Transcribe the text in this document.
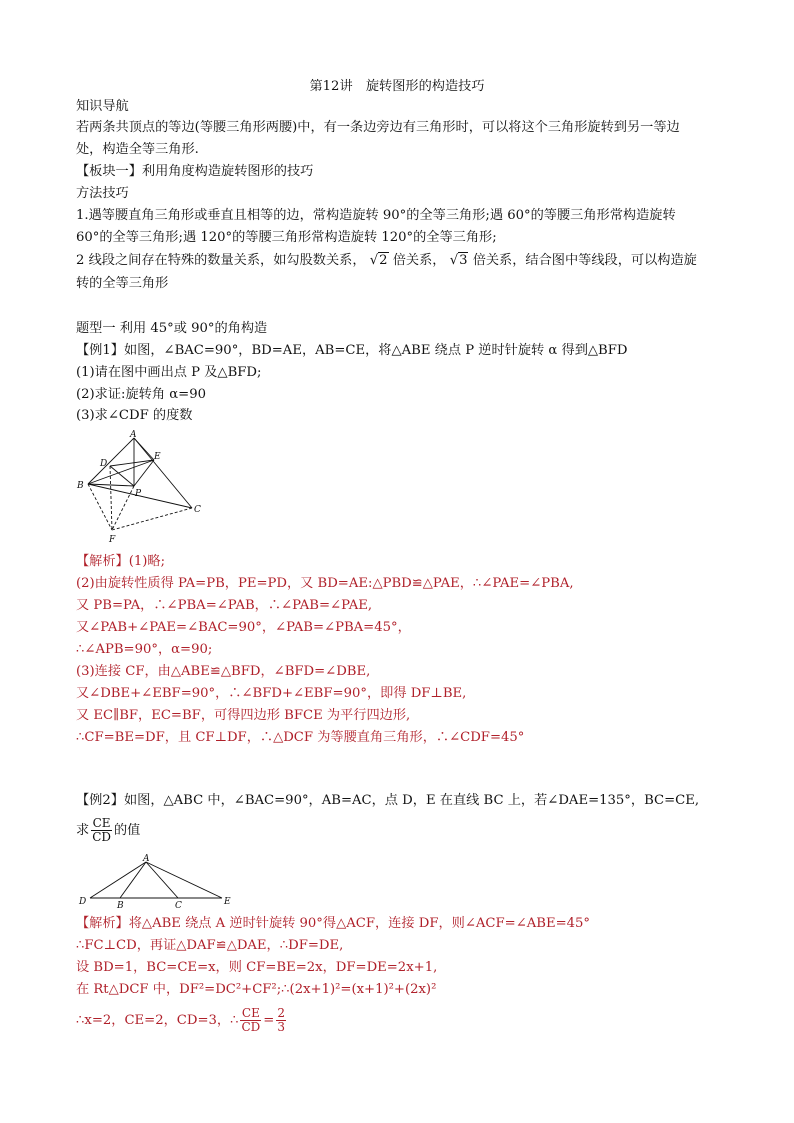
第12讲　旋转图形的构造技巧
知识导航
若两条共顶点的等边(等腰三角形两腰)中，有一条边旁边有三角形时，可以将这个三角形旋转到另一等边
处，构造全等三角形.
【板块一】利用角度构造旋转图形的技巧
方法技巧
1.遇等腰直角三角形或垂直且相等的边，常构造旋转 90°的全等三角形;遇 60°的等腰三角形常构造旋转
60°的全等三角形;遇 120°的等腰三角形常构造旋转 120°的全等三角形;
2 线段之间存在特殊的数量关系，如勾股数关系， √2 倍关系， √3 倍关系，结合图中等线段，可以构造旋
转的全等三角形
题型一 利用 45°或 90°的角构造
【例1】如图，∠BAC=90°，BD=AE，AB=CE，将△ABE 绕点 P 逆时针旋转 α 得到△BFD
(1)请在图中画出点 P 及△BFD;
(2)求证:旋转角 α=90
(3)求∠CDF 的度数
A
B
C
D
E
P
F
【解析】(1)略;
(2)由旋转性质得 PA=PB，PE=PD，又 BD=AE:△PBD≌△PAE，∴∠PAE=∠PBA,
又 PB=PA，∴∠PBA=∠PAB，∴∠PAB=∠PAE,
又∠PAB+∠PAE=∠BAC=90°，∠PAB=∠PBA=45°，
∴∠APB=90°，α=90;
(3)连接 CF，由△ABE≌△BFD，∠BFD=∠DBE,
又∠DBE+∠EBF=90°，∴∠BFD+∠EBF=90°，即得 DF⊥BE,
又 EC∥BF，EC=BF，可得四边形 BFCE 为平行四边形,
∴CF=BE=DF，且 CF⊥DF，∴△DCF 为等腰直角三角形，∴∠CDF=45°
【例2】如图，△ABC 中，∠BAC=90°，AB=AC，点 D，E 在直线 BC 上，若∠DAE=135°，BC=CE,
求 $\frac{CE}{CD}$ 的值
A
B	C
D	E
【解析】将△ABE 绕点 A 逆时针旋转 90°得△ACF，连接 DF，则∠ACF=∠ABE=45°
∴FC⊥CD，再证△DAF≌△DAE，∴DF=DE,
设 BD=1，BC=CE=x，则 CF=BE=2x，DF=DE=2x+1,
在 Rt△DCF 中，DF²=DC²+CF²;∴(2x+1)²=(x+1)²+(2x)²
∴x=2，CE=2，CD=3，∴ $\frac{CE}{CD} = \frac{2}{3}$
